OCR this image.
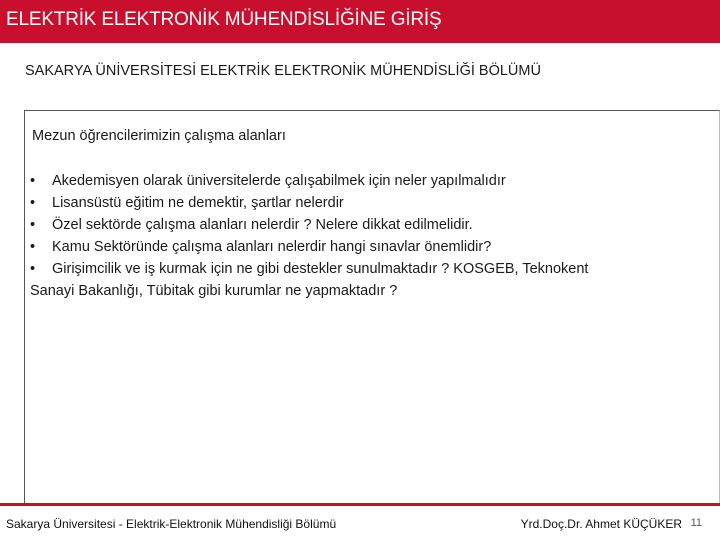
ELEKTRİK ELEKTRONİK MÜHENDİSLİĞİNE GİRİŞ
SAKARYA ÜNİVERSİTESİ ELEKTRİK ELEKTRONİK MÜHENDİSLİĞİ BÖLÜMÜ
Mezun öğrencilerimizin çalışma alanları
• Akedemisyen olarak üniversitelerde çalışabilmek için neler yapılmalıdır
• Lisansüstü eğitim ne demektir, şartlar nelerdir
• Özel sektörde çalışma alanları nelerdir ? Nelere dikkat edilmelidir.
• Kamu Sektöründe çalışma alanları nelerdir hangi sınavlar önemlidir?
• Girişimcilik ve iş kurmak için ne gibi destekler sunulmaktadır ? KOSGEB, Teknokent
Sanayi Bakanlığı, Tübitak gibi kurumlar ne yapmaktadır ?
Sakarya Üniversitesi - Elektrik-Elektronik Mühendisliği Bölümü	Yrd.Doç.Dr. Ahmet KÜÇÜKER 11
